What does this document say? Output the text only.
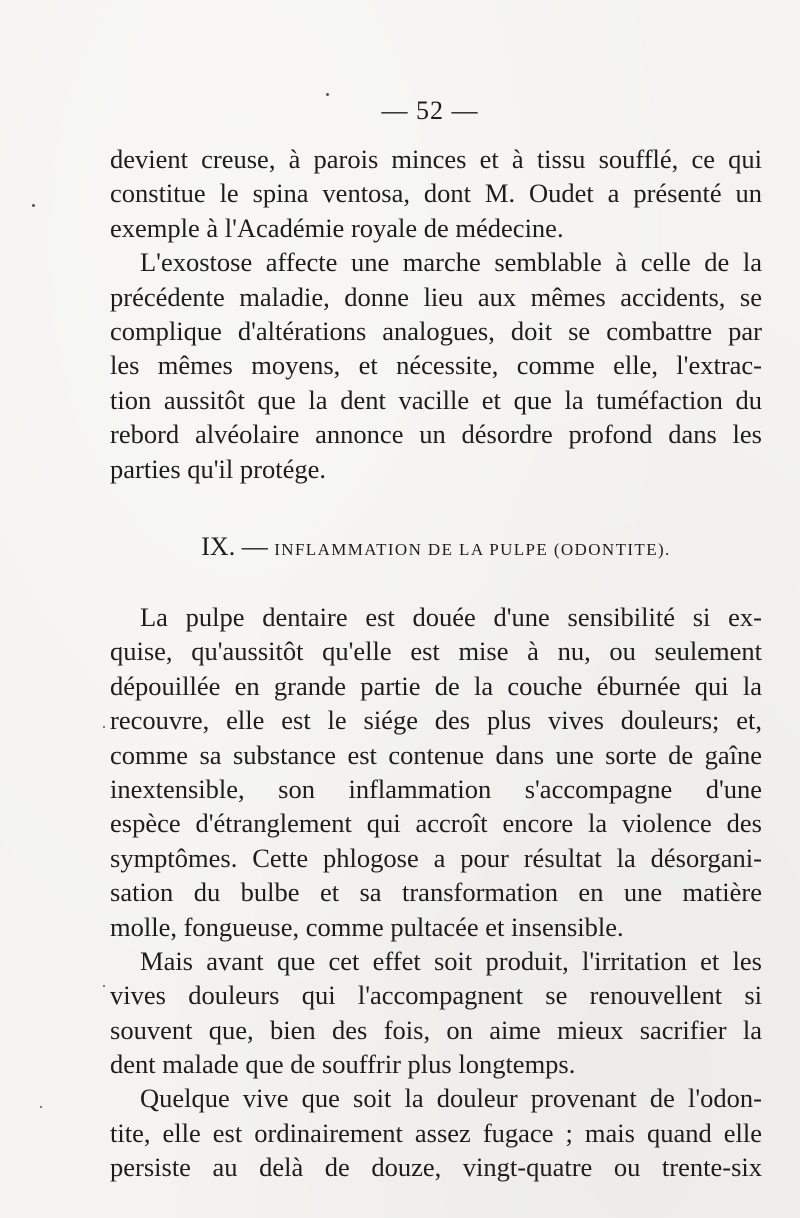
— 52 —
devient creuse, à parois minces et à tissu soufflé, ce qui
constitue le spina ventosa, dont M. Oudet a présenté un
exemple à l'Académie royale de médecine.
L'exostose affecte une marche semblable à celle de la
précédente maladie, donne lieu aux mêmes accidents, se
complique d'altérations analogues, doit se combattre par
les mêmes moyens, et nécessite, comme elle, l'extrac-
tion aussitôt que la dent vacille et que la tuméfaction du
rebord alvéolaire annonce un désordre profond dans les
parties qu'il protége.
IX. — INFLAMMATION DE LA PULPE (ODONTITE).
La pulpe dentaire est douée d'une sensibilité si ex-
quise, qu'aussitôt qu'elle est mise à nu, ou seulement
dépouillée en grande partie de la couche éburnée qui la
recouvre, elle est le siége des plus vives douleurs; et,
comme sa substance est contenue dans une sorte de gaîne
inextensible, son inflammation s'accompagne d'une
espèce d'étranglement qui accroît encore la violence des
symptômes. Cette phlogose a pour résultat la désorgani-
sation du bulbe et sa transformation en une matière
molle, fongueuse, comme pultacée et insensible.
Mais avant que cet effet soit produit, l'irritation et les
vives douleurs qui l'accompagnent se renouvellent si
souvent que, bien des fois, on aime mieux sacrifier la
dent malade que de souffrir plus longtemps.
Quelque vive que soit la douleur provenant de l'odon-
tite, elle est ordinairement assez fugace ; mais quand elle
persiste au delà de douze, vingt-quatre ou trente-six
